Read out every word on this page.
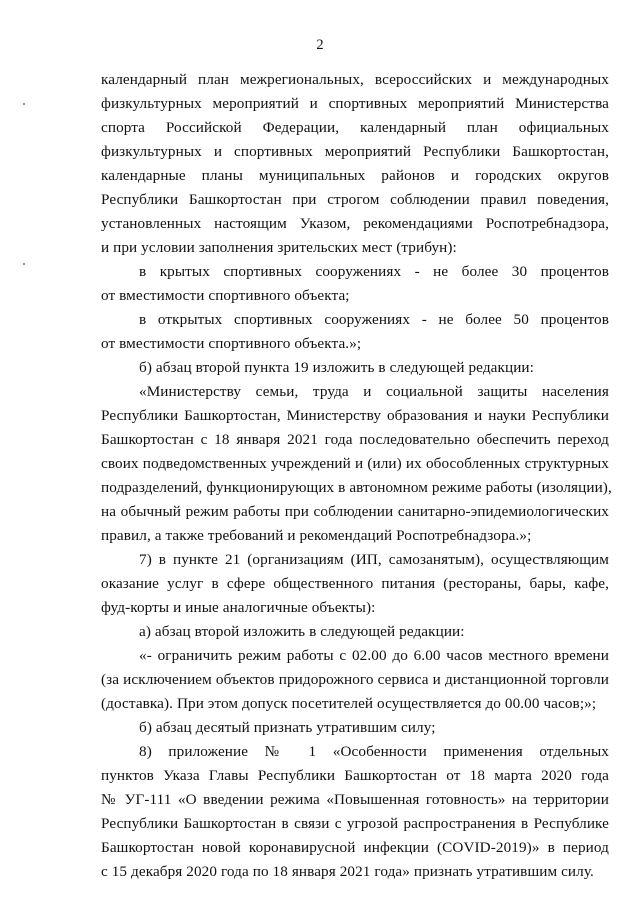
2
календарный план межрегиональных, всероссийских и международных
физкультурных мероприятий и спортивных мероприятий Министерства
спорта Российской Федерации, календарный план официальных
физкультурных и спортивных мероприятий Республики Башкортостан,
календарные планы муниципальных районов и городских округов
Республики Башкортостан при строгом соблюдении правил поведения,
установленных настоящим Указом, рекомендациями Роспотребнадзора,
и при условии заполнения зрительских мест (трибун):
в крытых спортивных сооружениях - не более 30 процентов
от вместимости спортивного объекта;
в открытых спортивных сооружениях - не более 50 процентов
от вместимости спортивного объекта.»;
б) абзац второй пункта 19 изложить в следующей редакции:
«Министерству семьи, труда и социальной защиты населения
Республики Башкортостан, Министерству образования и науки Республики
Башкортостан с 18 января 2021 года последовательно обеспечить переход
своих подведомственных учреждений и (или) их обособленных структурных
подразделений, функционирующих в автономном режиме работы (изоляции),
на обычный режим работы при соблюдении санитарно-эпидемиологических
правил, а также требований и рекомендаций Роспотребнадзора.»;
7) в пункте 21 (организациям (ИП, самозанятым), осуществляющим
оказание услуг в сфере общественного питания (рестораны, бары, кафе,
фуд-корты и иные аналогичные объекты):
а) абзац второй изложить в следующей редакции:
«- ограничить режим работы с 02.00 до 6.00 часов местного времени
(за исключением объектов придорожного сервиса и дистанционной торговли
(доставка). При этом допуск посетителей осуществляется до 00.00 часов;»;
б) абзац десятый признать утратившим силу;
8) приложение № 1 «Особенности применения отдельных
пунктов Указа Главы Республики Башкортостан от 18 марта 2020 года
№ УГ-111 «О введении режима «Повышенная готовность» на территории
Республики Башкортостан в связи с угрозой распространения в Республике
Башкортостан новой коронавирусной инфекции (COVID-2019)» в период
с 15 декабря 2020 года по 18 января 2021 года» признать утратившим силу.
